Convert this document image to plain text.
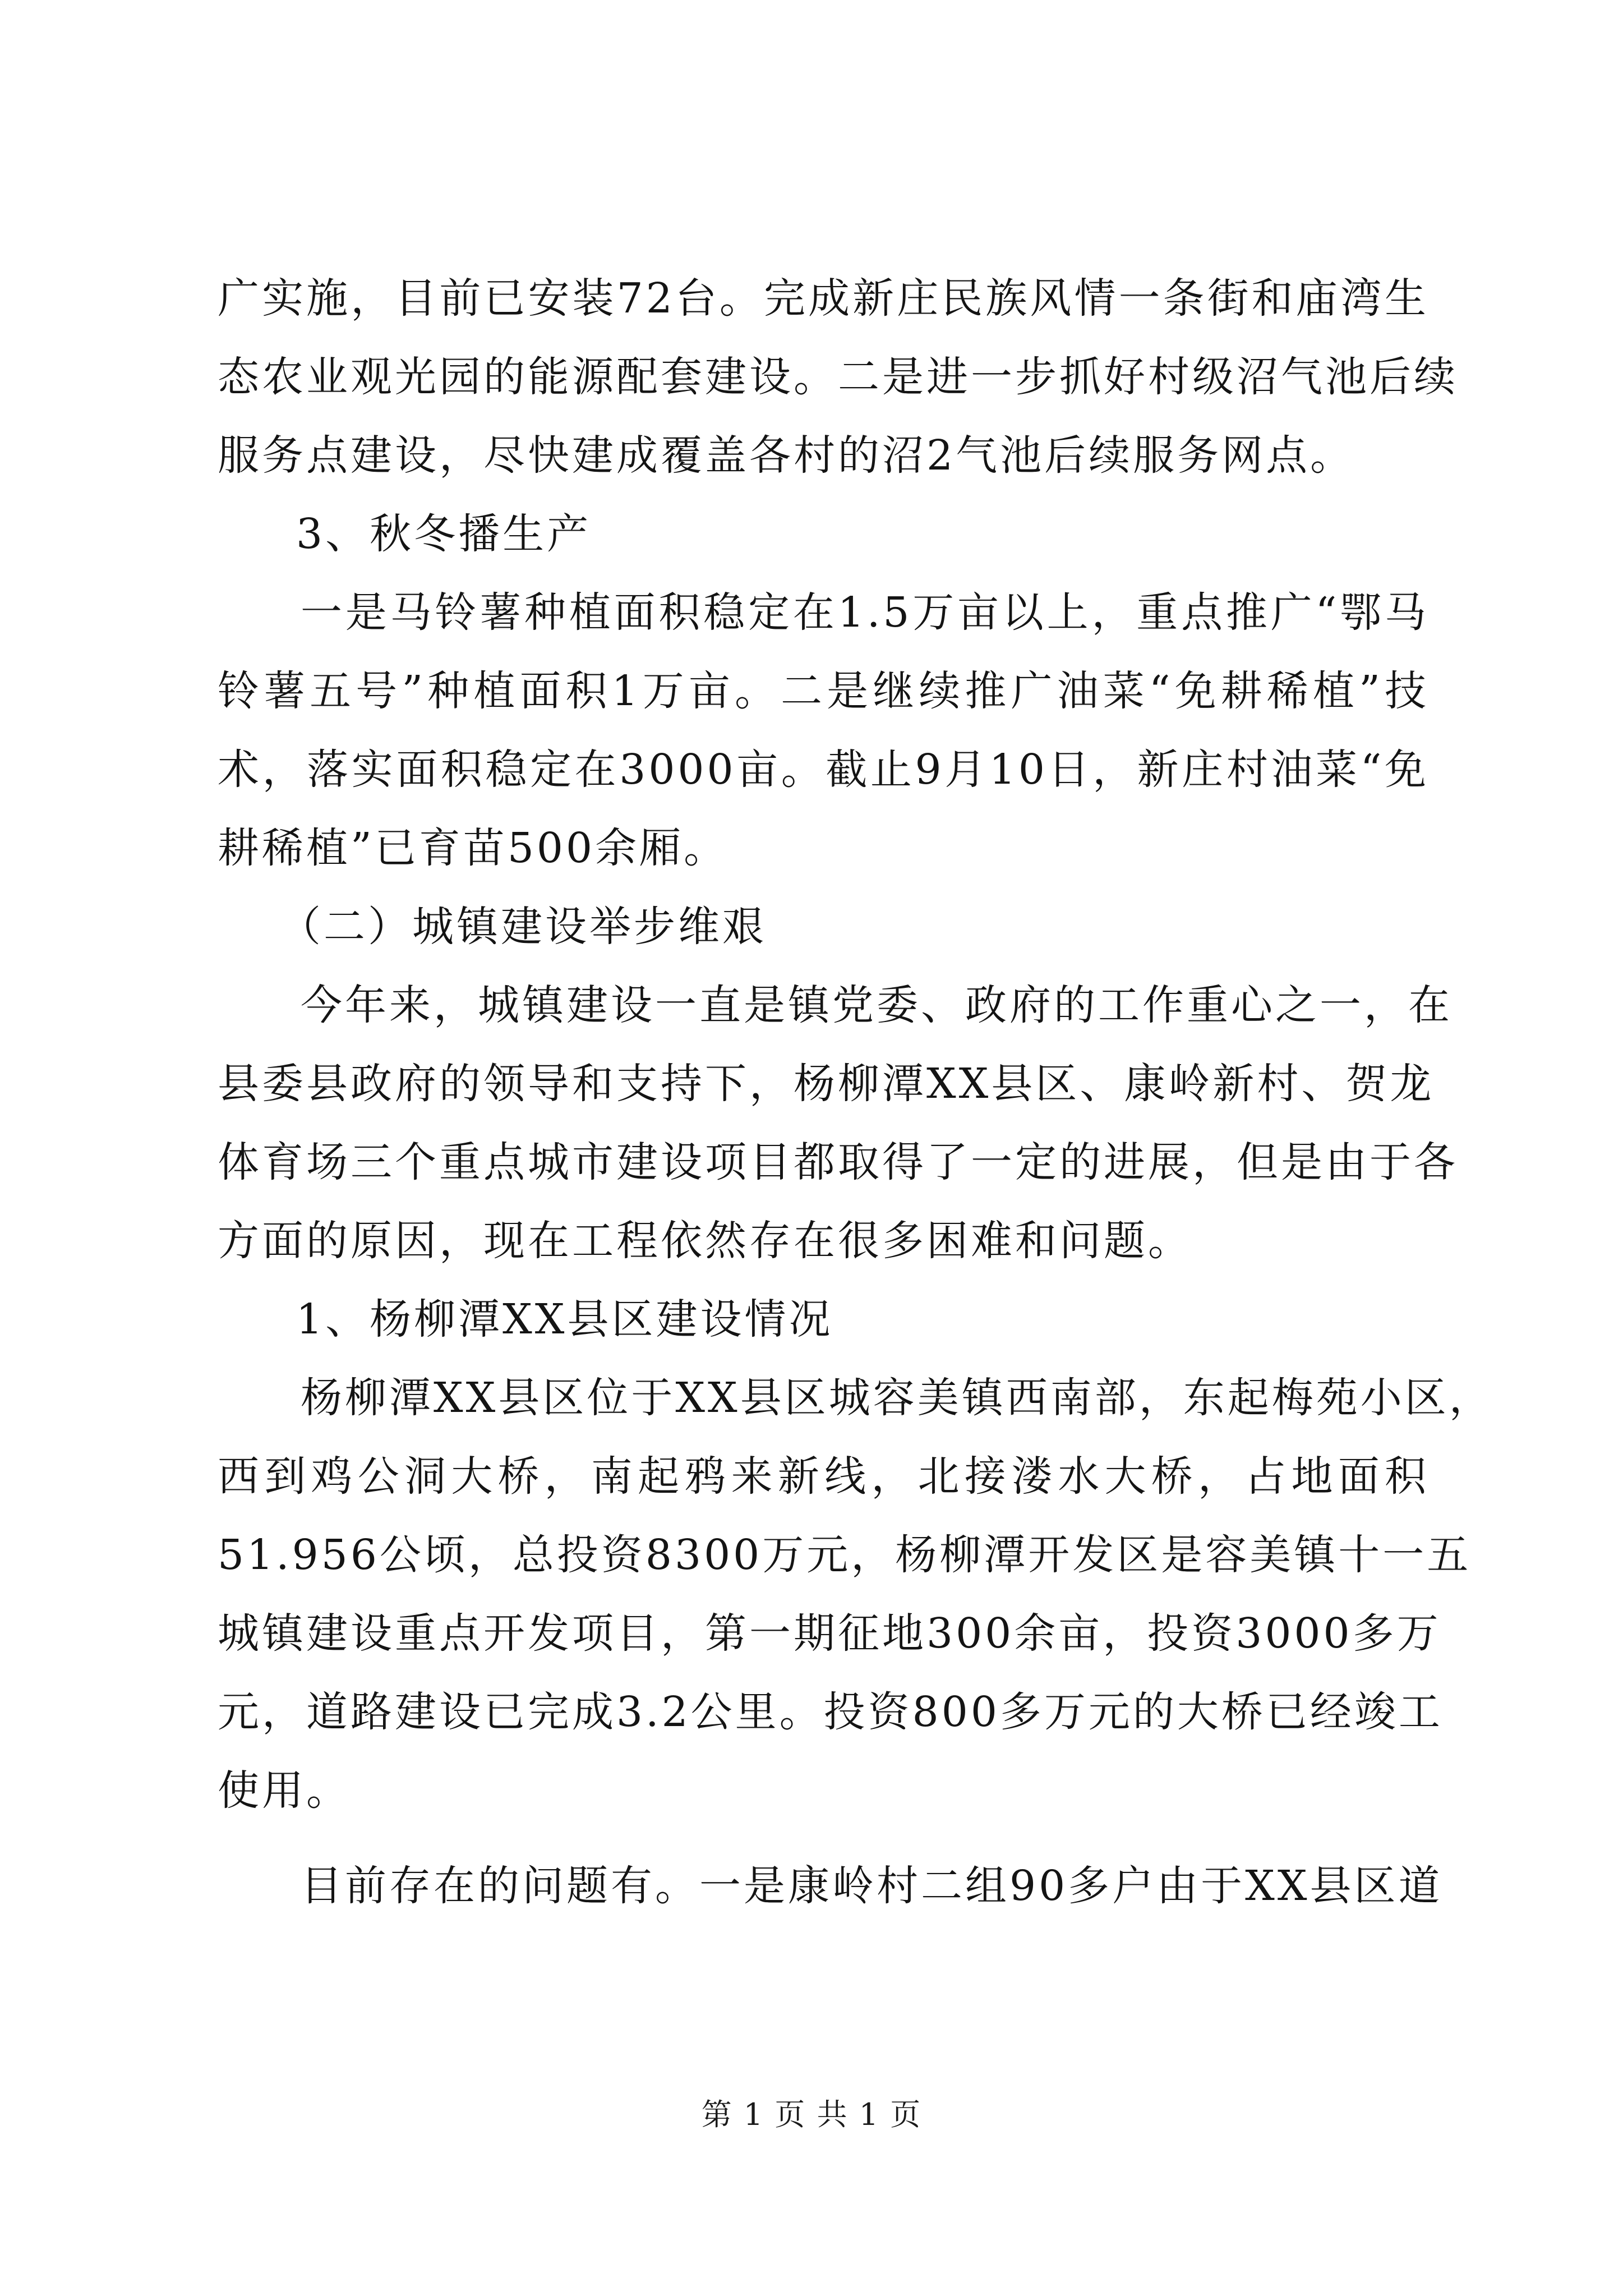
广实施，目前已安装72台。完成新庄民族风情一条街和庙湾生
态农业观光园的能源配套建设。二是进一步抓好村级沼气池后续
服务点建设，尽快建成覆盖各村的沼2气池后续服务网点。

3、秋冬播生产

一是马铃薯种植面积稳定在1.5万亩以上，重点推广“鄂马
铃薯五号”种植面积1万亩。二是继续推广油菜“免耕稀植”技
术，落实面积稳定在3000亩。截止9月10日，新庄村油菜“免
耕稀植”已育苗500余厢。

（二）城镇建设举步维艰

今年来，城镇建设一直是镇党委、政府的工作重心之一，在
县委县政府的领导和支持下，杨柳潭XX县区、康岭新村、贺龙
体育场三个重点城市建设项目都取得了一定的进展，但是由于各
方面的原因，现在工程依然存在很多困难和问题。

1、杨柳潭XX县区建设情况

杨柳潭XX县区位于XX县区城容美镇西南部，东起梅苑小区，
西到鸡公洞大桥，南起鸦来新线，北接溇水大桥，占地面积
51.956公顷，总投资8300万元，杨柳潭开发区是容美镇十一五
城镇建设重点开发项目，第一期征地300余亩，投资3000多万
元，道路建设已完成3.2公里。投资800多万元的大桥已经竣工
使用。

目前存在的问题有。一是康岭村二组90多户由于XX县区道

第 1 页 共 1 页
